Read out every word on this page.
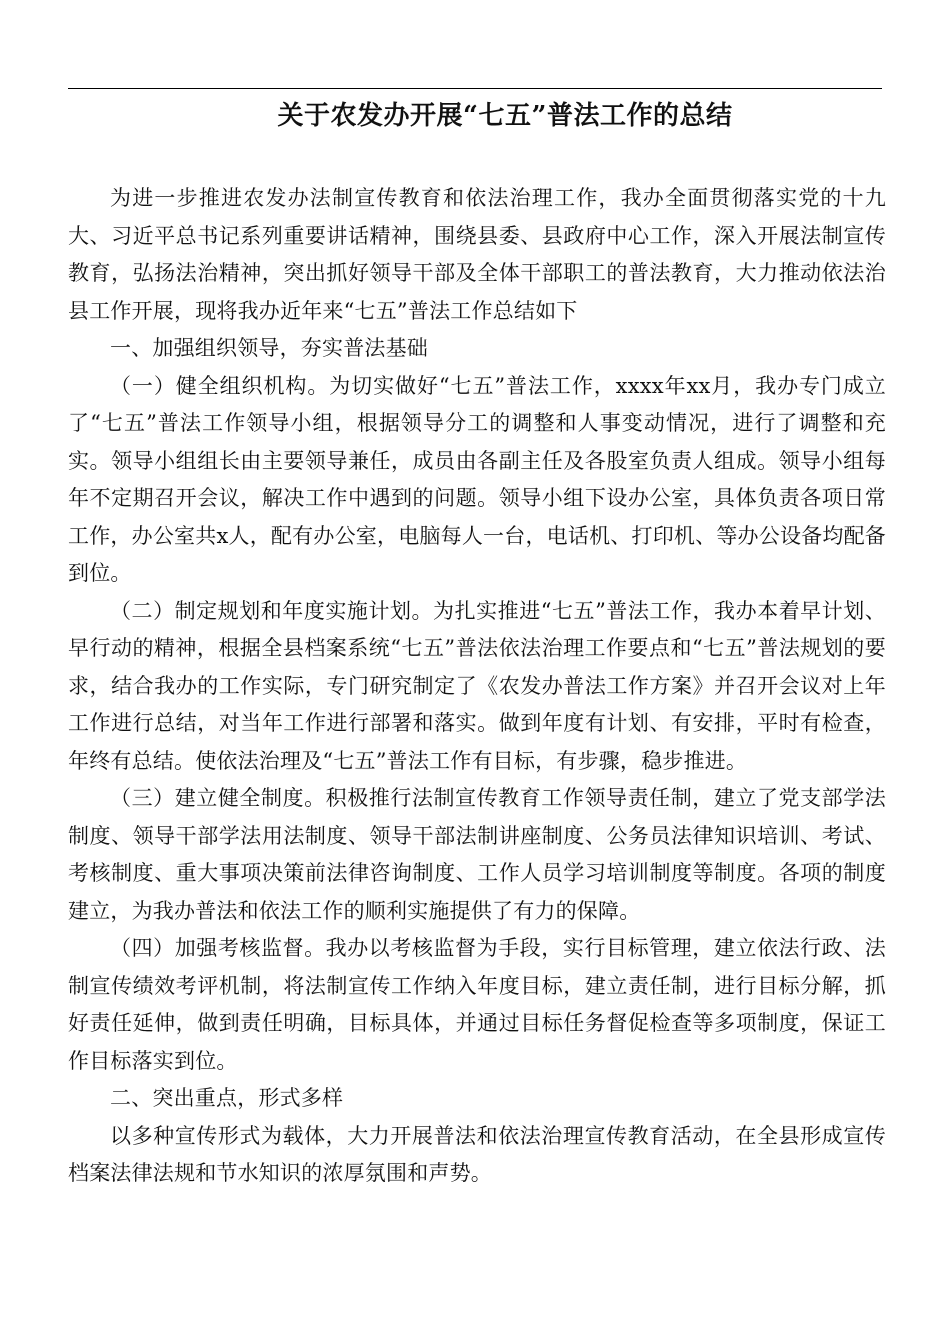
关于农发办开展“七五”普法工作的总结

为进一步推进农发办法制宣传教育和依法治理工作，我办全面贯彻落实党的十九大、习近平总书记系列重要讲话精神，围绕县委、县政府中心工作，深入开展法制宣传教育，弘扬法治精神，突出抓好领导干部及全体干部职工的普法教育，大力推动依法治县工作开展，现将我办近年来“七五”普法工作总结如下

一、加强组织领导，夯实普法基础

（一）健全组织机构。为切实做好“七五”普法工作，xxxx年xx月，我办专门成立了“七五”普法工作领导小组，根据领导分工的调整和人事变动情况，进行了调整和充实。领导小组组长由主要领导兼任，成员由各副主任及各股室负责人组成。领导小组每年不定期召开会议，解决工作中遇到的问题。领导小组下设办公室，具体负责各项日常工作，办公室共x人，配有办公室，电脑每人一台，电话机、打印机、等办公设备均配备到位。

（二）制定规划和年度实施计划。为扎实推进“七五”普法工作，我办本着早计划、早行动的精神，根据全县档案系统“七五”普法依法治理工作要点和“七五”普法规划的要求，结合我办的工作实际，专门研究制定了《农发办普法工作方案》并召开会议对上年工作进行总结，对当年工作进行部署和落实。做到年度有计划、有安排，平时有检查，年终有总结。使依法治理及“七五”普法工作有目标，有步骤，稳步推进。

（三）建立健全制度。积极推行法制宣传教育工作领导责任制，建立了党支部学法制度、领导干部学法用法制度、领导干部法制讲座制度、公务员法律知识培训、考试、考核制度、重大事项决策前法律咨询制度、工作人员学习培训制度等制度。各项的制度建立，为我办普法和依法工作的顺利实施提供了有力的保障。

（四）加强考核监督。我办以考核监督为手段，实行目标管理，建立依法行政、法制宣传绩效考评机制，将法制宣传工作纳入年度目标，建立责任制，进行目标分解，抓好责任延伸，做到责任明确，目标具体，并通过目标任务督促检查等多项制度，保证工作目标落实到位。

二、突出重点，形式多样

以多种宣传形式为载体，大力开展普法和依法治理宣传教育活动，在全县形成宣传档案法律法规和节水知识的浓厚氛围和声势。
